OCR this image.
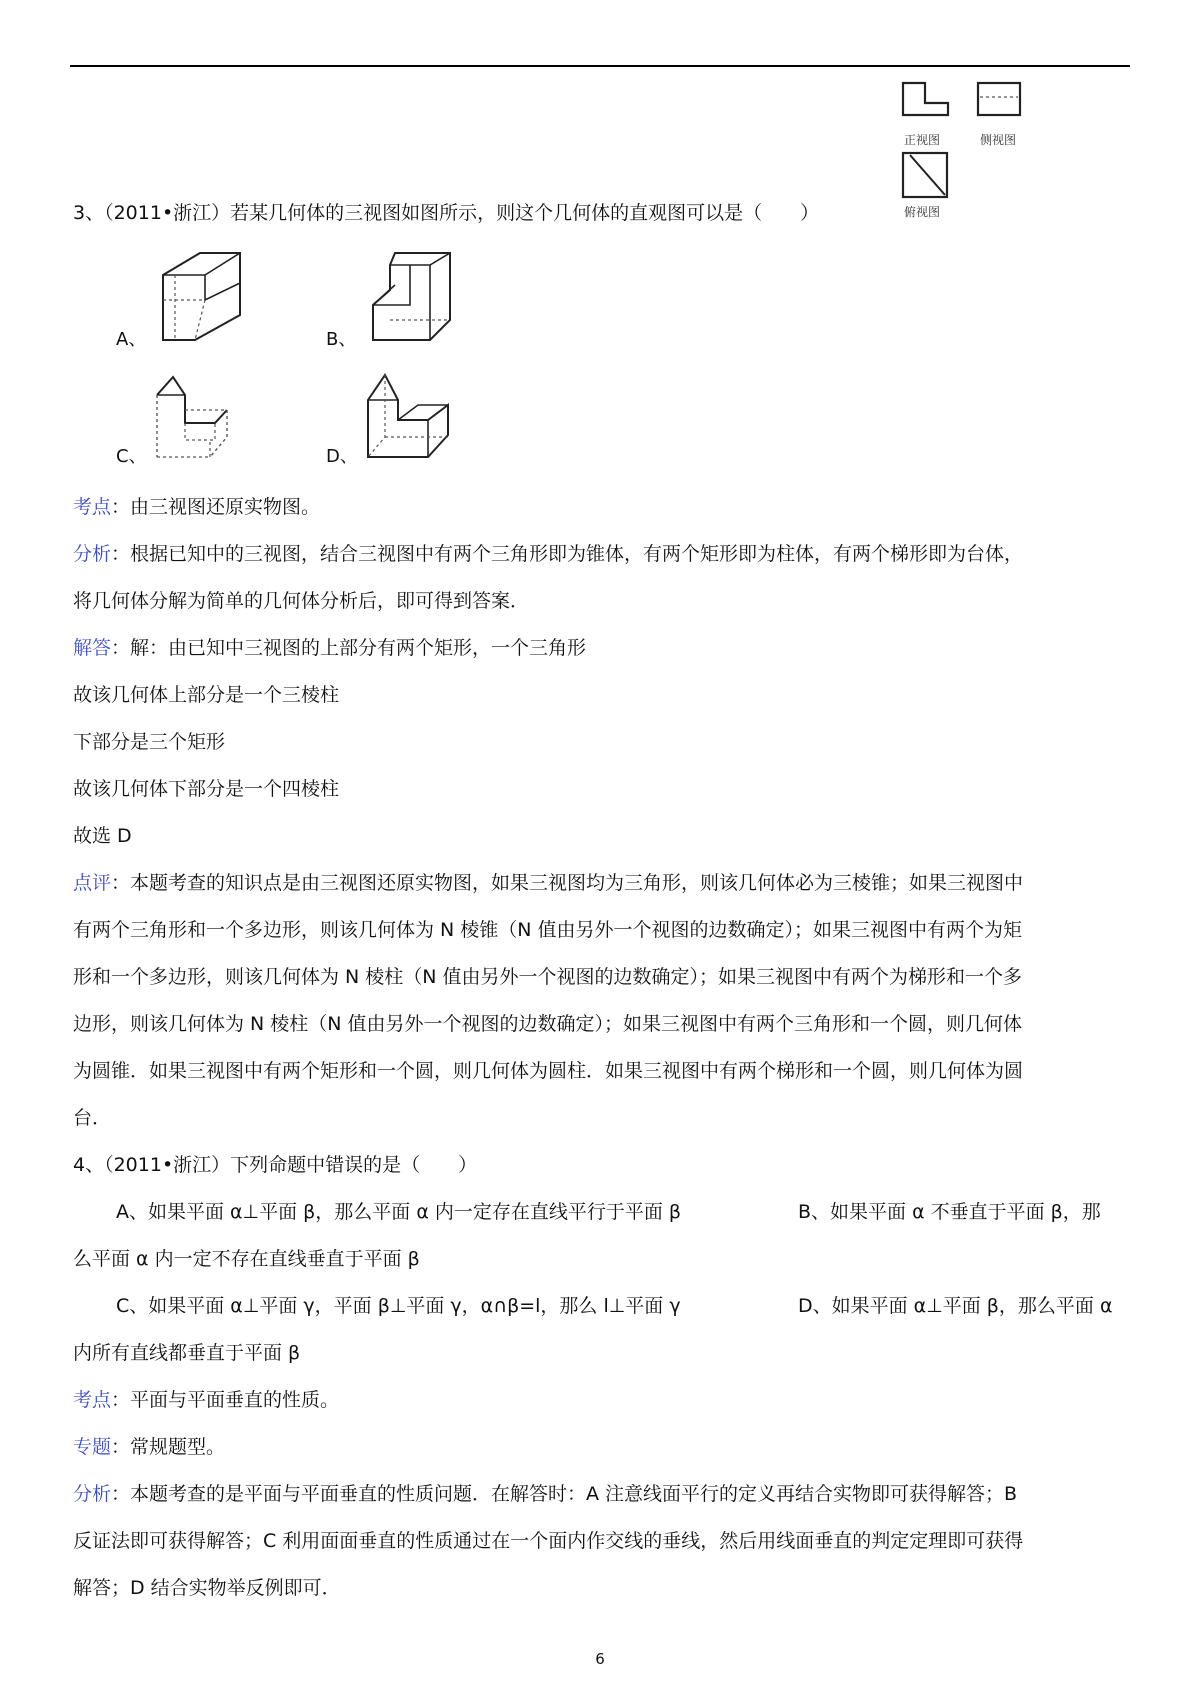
正视图	侧视图
俯视图
3、（2011•浙江）若某几何体的三视图如图所示，则这个几何体的直观图可以是（　　）
A、	B、
C、	D、
考点：由三视图还原实物图。
分析：根据已知中的三视图，结合三视图中有两个三角形即为锥体，有两个矩形即为柱体，有两个梯形即为台体，
将几何体分解为简单的几何体分析后，即可得到答案．
解答：解：由已知中三视图的上部分有两个矩形，一个三角形
故该几何体上部分是一个三棱柱
下部分是三个矩形
故该几何体下部分是一个四棱柱
故选 D
点评：本题考查的知识点是由三视图还原实物图，如果三视图均为三角形，则该几何体必为三棱锥；如果三视图中
有两个三角形和一个多边形，则该几何体为 N 棱锥（N 值由另外一个视图的边数确定）；如果三视图中有两个为矩
形和一个多边形，则该几何体为 N 棱柱（N 值由另外一个视图的边数确定）；如果三视图中有两个为梯形和一个多
边形，则该几何体为 N 棱柱（N 值由另外一个视图的边数确定）；如果三视图中有两个三角形和一个圆，则几何体
为圆锥．如果三视图中有两个矩形和一个圆，则几何体为圆柱．如果三视图中有两个梯形和一个圆，则几何体为圆
台．
4、（2011•浙江）下列命题中错误的是（　　）
A、如果平面 α⊥平面 β，那么平面 α 内一定存在直线平行于平面 β	B、如果平面 α 不垂直于平面 β，那
么平面 α 内一定不存在直线垂直于平面 β
C、如果平面 α⊥平面 γ，平面 β⊥平面 γ，α∩β=l，那么 l⊥平面 γ	D、如果平面 α⊥平面 β，那么平面 α
内所有直线都垂直于平面 β
考点：平面与平面垂直的性质。
专题：常规题型。
分析：本题考查的是平面与平面垂直的性质问题．在解答时：A 注意线面平行的定义再结合实物即可获得解答；B
反证法即可获得解答；C 利用面面垂直的性质通过在一个面内作交线的垂线，然后用线面垂直的判定定理即可获得
解答；D 结合实物举反例即可．
6
